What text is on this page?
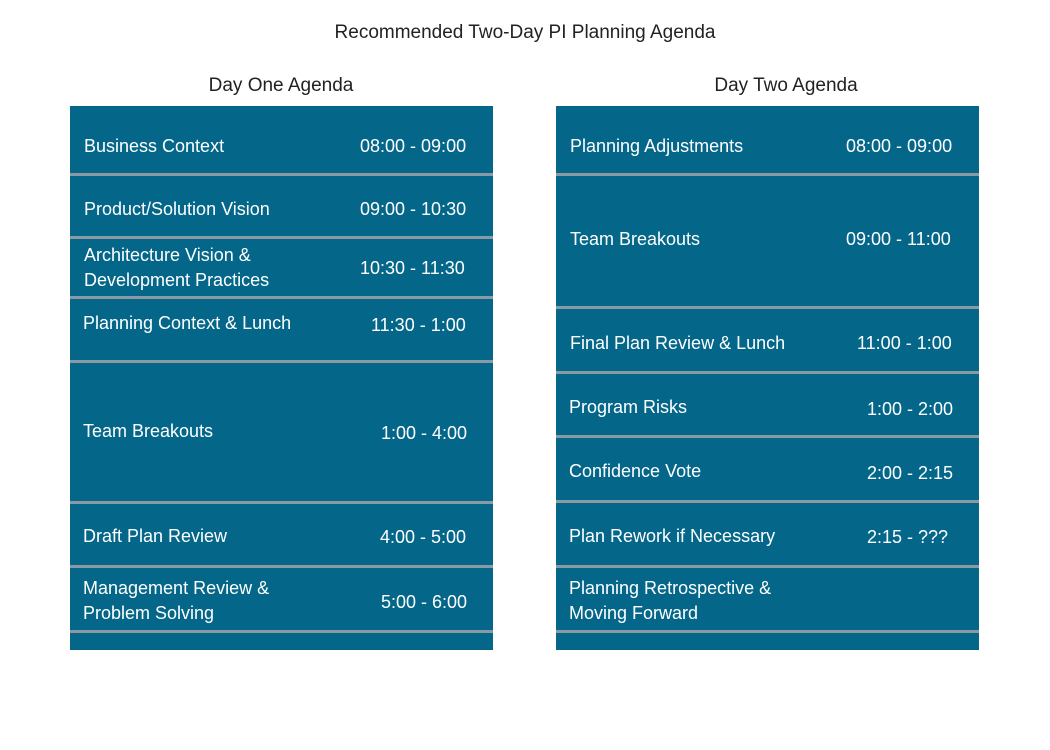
Recommended Two-Day PI Planning Agenda
Day One Agenda
Business Context	08:00 - 09:00
Product/Solution Vision	09:00 - 10:30
Architecture Vision &
Development Practices
10:30 - 11:30
Planning Context & Lunch	11:30 - 1:00
Team Breakouts	1:00 - 4:00
Draft Plan Review	4:00 - 5:00
Management Review &
Problem Solving
5:00 - 6:00
Day Two Agenda
Planning Adjustments	08:00 - 09:00
Team Breakouts	09:00 - 11:00
Final Plan Review & Lunch	11:00 - 1:00
Program Risks	1:00 - 2:00
Confidence Vote	2:00 - 2:15
Plan Rework if Necessary	2:15 - ???
Planning Retrospective &
Moving Forward
